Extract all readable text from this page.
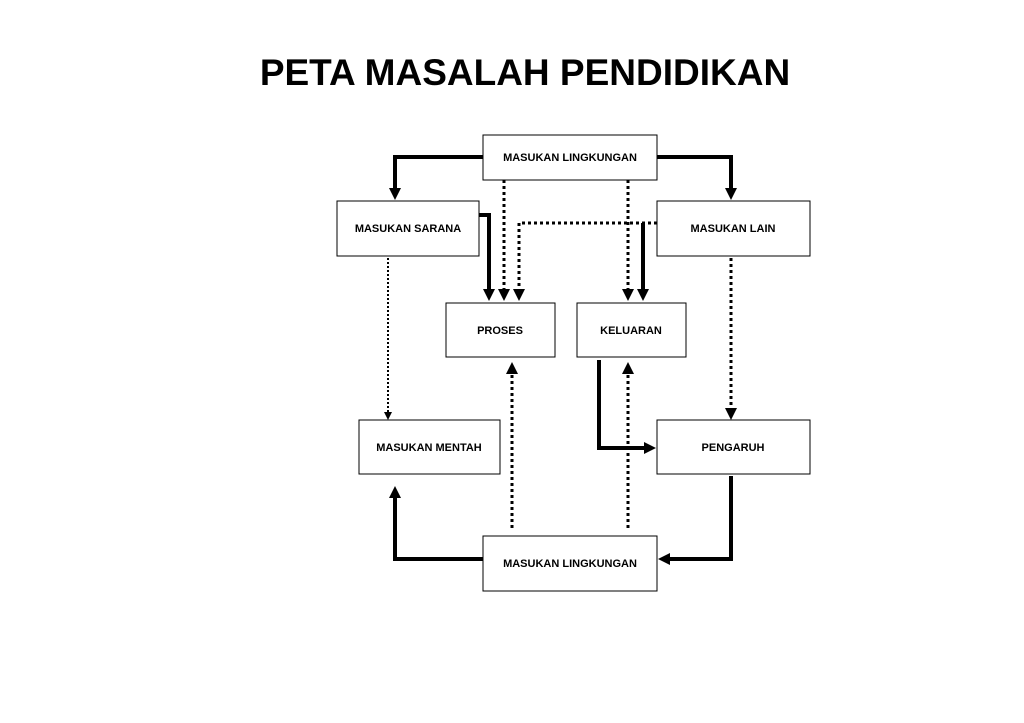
PETA MASALAH PENDIDIKAN
MASUKAN LINGKUNGAN
MASUKAN SARANA	MASUKAN LAIN
PROSES	KELUARAN
MASUKAN MENTAH	PENGARUH
MASUKAN LINGKUNGAN
